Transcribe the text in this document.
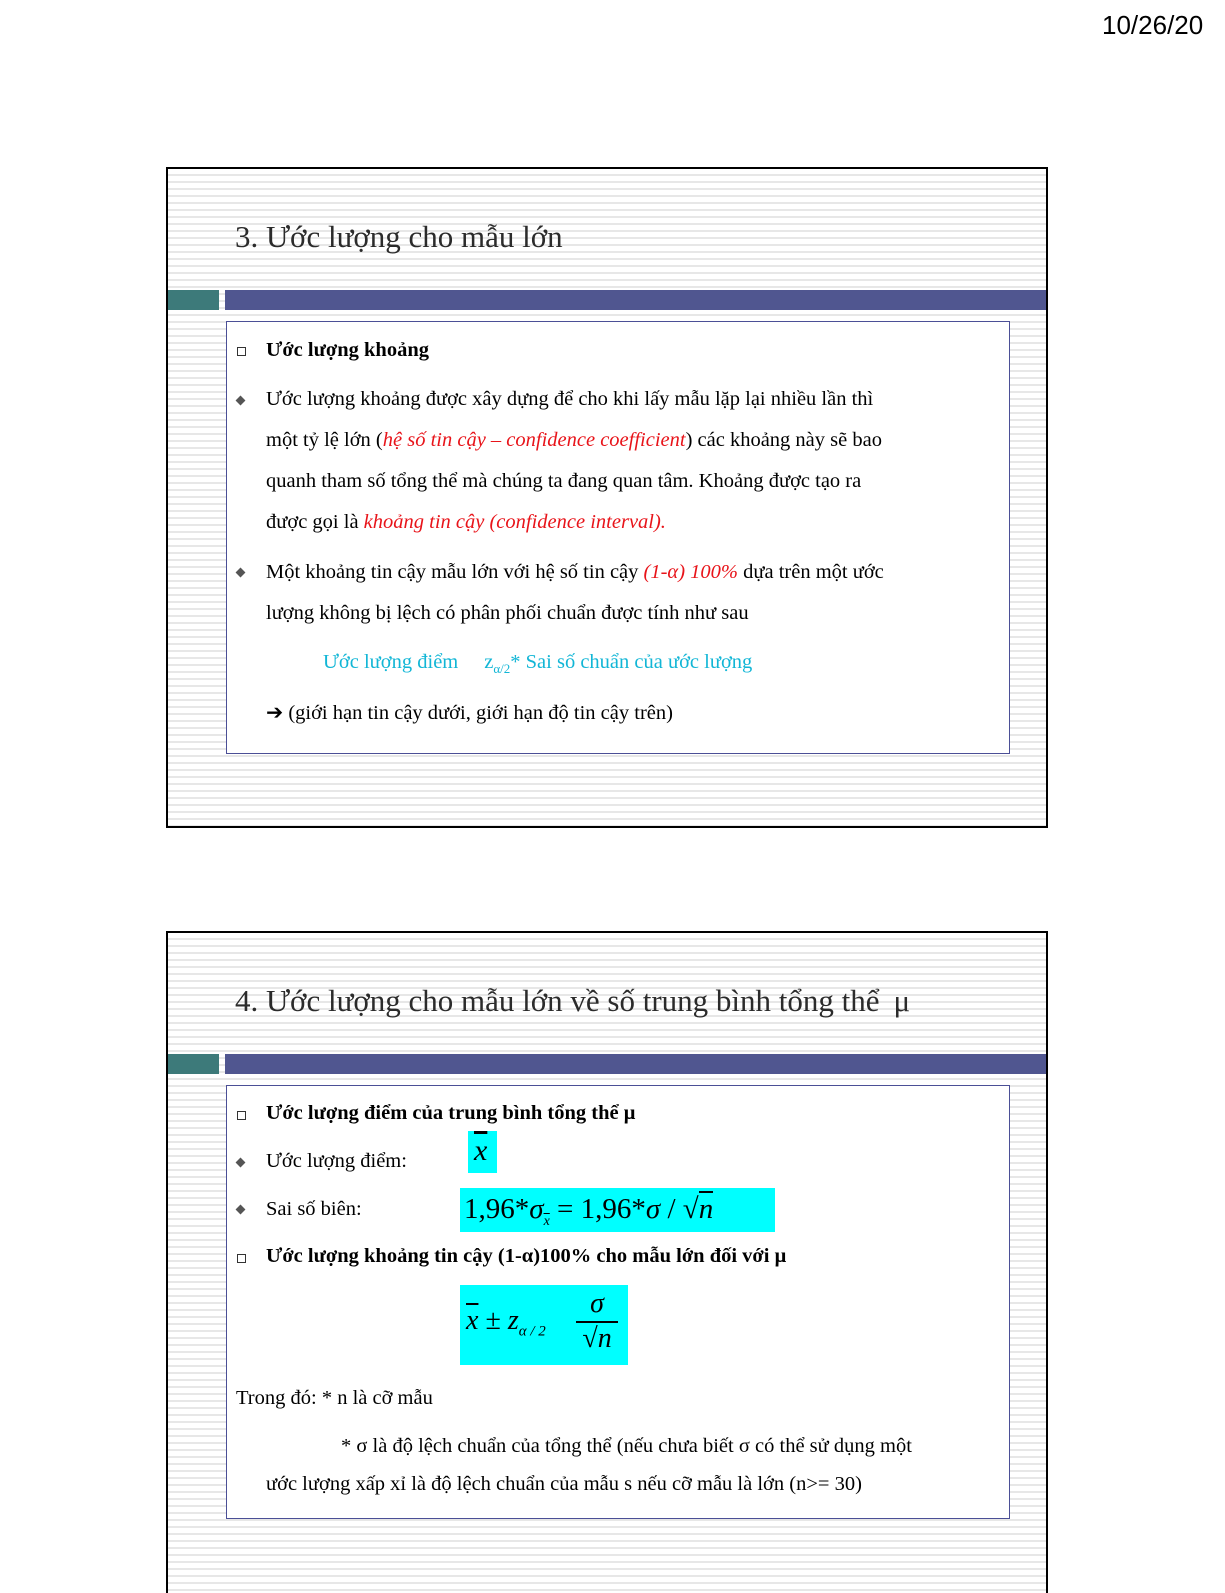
10/26/20
3. Ước lượng cho mẫu lớn
Ước lượng khoảng
Ước lượng khoảng được xây dựng để cho khi lấy mẫu lặp lại nhiều lần thì
một tỷ lệ lớn (hệ số tin cậy – confidence coefficient) các khoảng này sẽ bao
quanh tham số tổng thể mà chúng ta đang quan tâm. Khoảng được tạo ra
được gọi là khoảng tin cậy (confidence interval).
Một khoảng tin cậy mẫu lớn với hệ số tin cậy (1-α) 100% dựa trên một ước
lượng không bị lệch có phân phối chuẩn được tính như sau
Ước lượng điểm $z_{\alpha/2}*$ Sai số chuẩn của ước lượng
➔ (giới hạn tin cậy dưới, giới hạn độ tin cậy trên)
4. Ước lượng cho mẫu lớn về số trung bình tổng thể μ
Ước lượng điểm của trung bình tổng thể μ
Ước lượng điểm: $\overline{x}$
Sai số biên:	$1,96*\sigma_{\overline{x}} = 1,96*\sigma / √n$
Ước lượng khoảng tin cậy (1-α)100% cho mẫu lớn đối với μ
$\overline{x} \pm z_{\alpha / 2}$
σ
√n
Trong đó: * n là cỡ mẫu
* σ là độ lệch chuẩn của tổng thể (nếu chưa biết σ có thể sử dụng một
ước lượng xấp xỉ là độ lệch chuẩn của mẫu s nếu cỡ mẫu là lớn (n>= 30)
